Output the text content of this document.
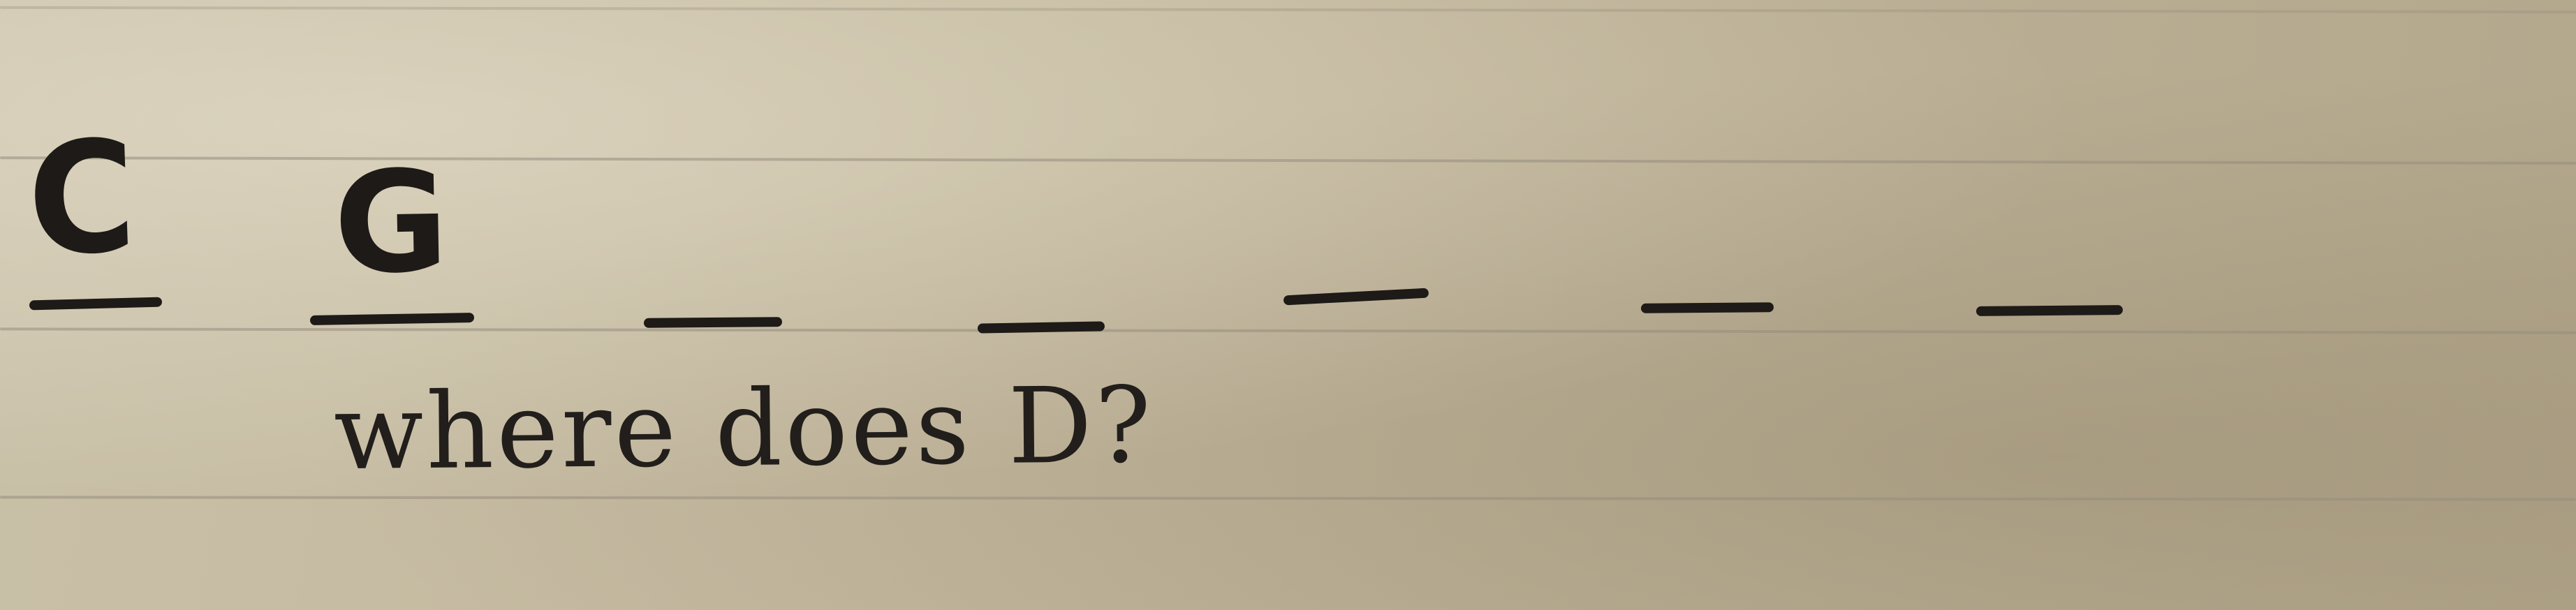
C G
where does D?
